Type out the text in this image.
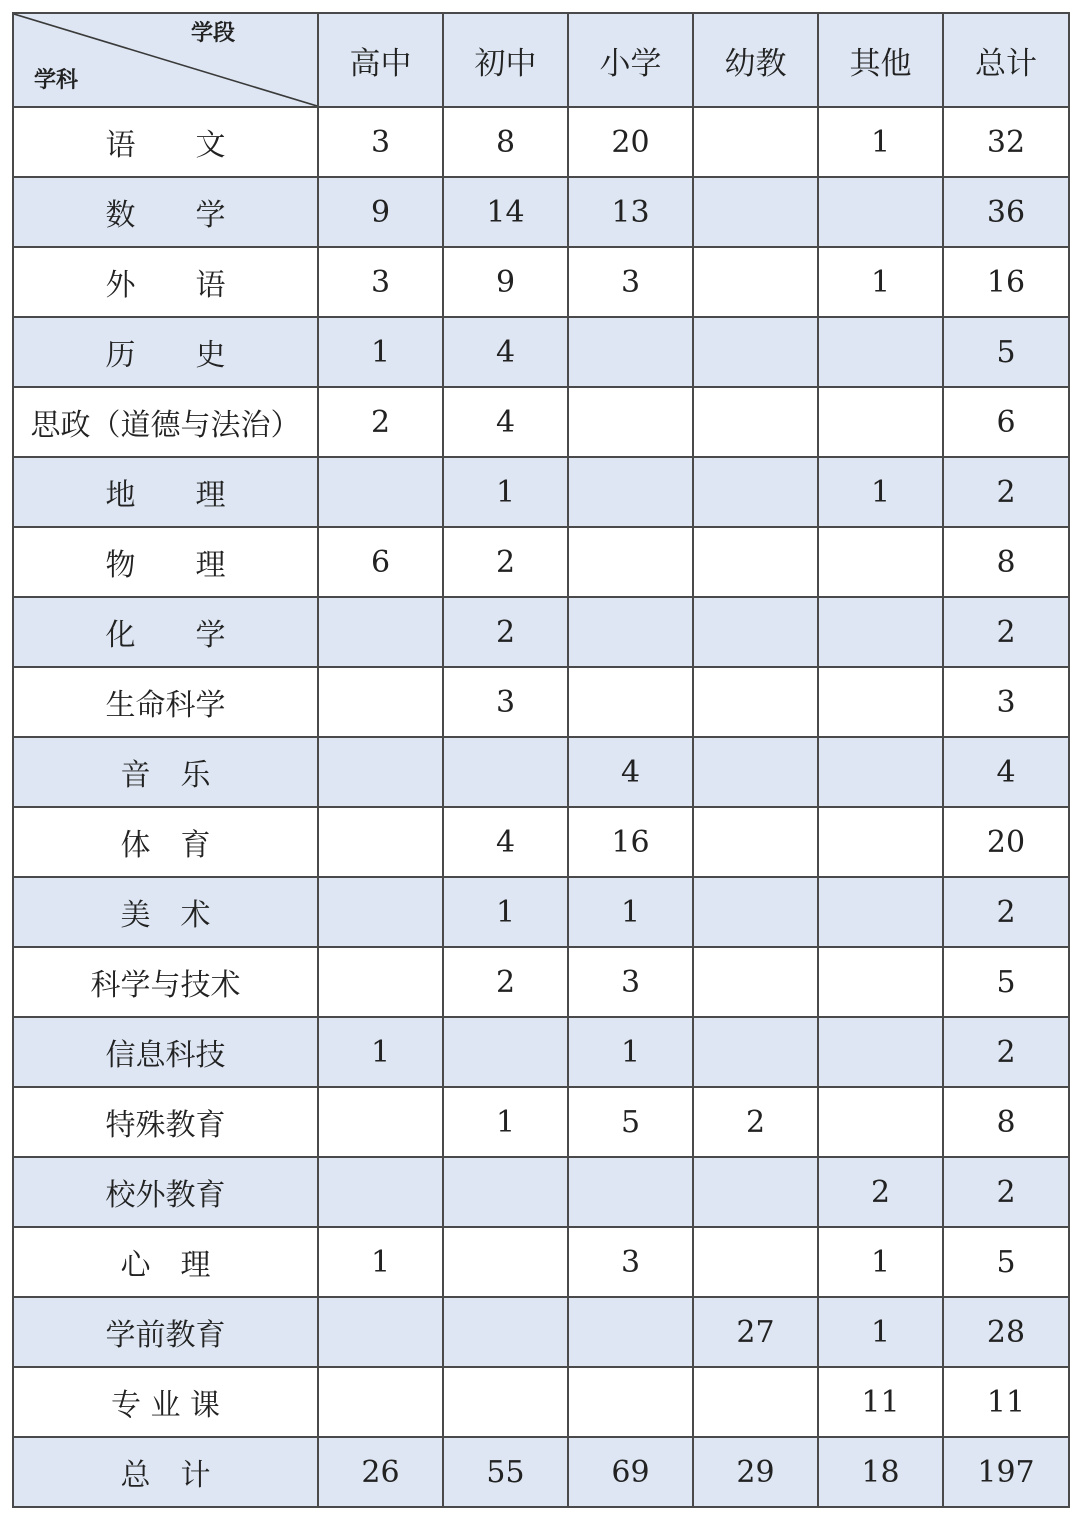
学段
学科	高中	初中	小学	幼教	其他	总计
语　　文	3	8	20		1	32
数　　学	9	14	13			36
外　　语	3	9	3		1	16
历　　史	1	4				5
思政（道德与法治）	2	4				6
地　　理		1			1	2
物　　理	6	2				8
化　　学		2				2
生命科学		3				3
音　乐			4			4
体　育		4	16			20
美　术		1	1			2
科学与技术		2	3			5
信息科技	1		1			2
特殊教育		1	5	2		8
校外教育					2	2
心　理	1		3		1	5
学前教育				27	1	28
专 业 课					11	11
总　计	26	55	69	29	18	197
